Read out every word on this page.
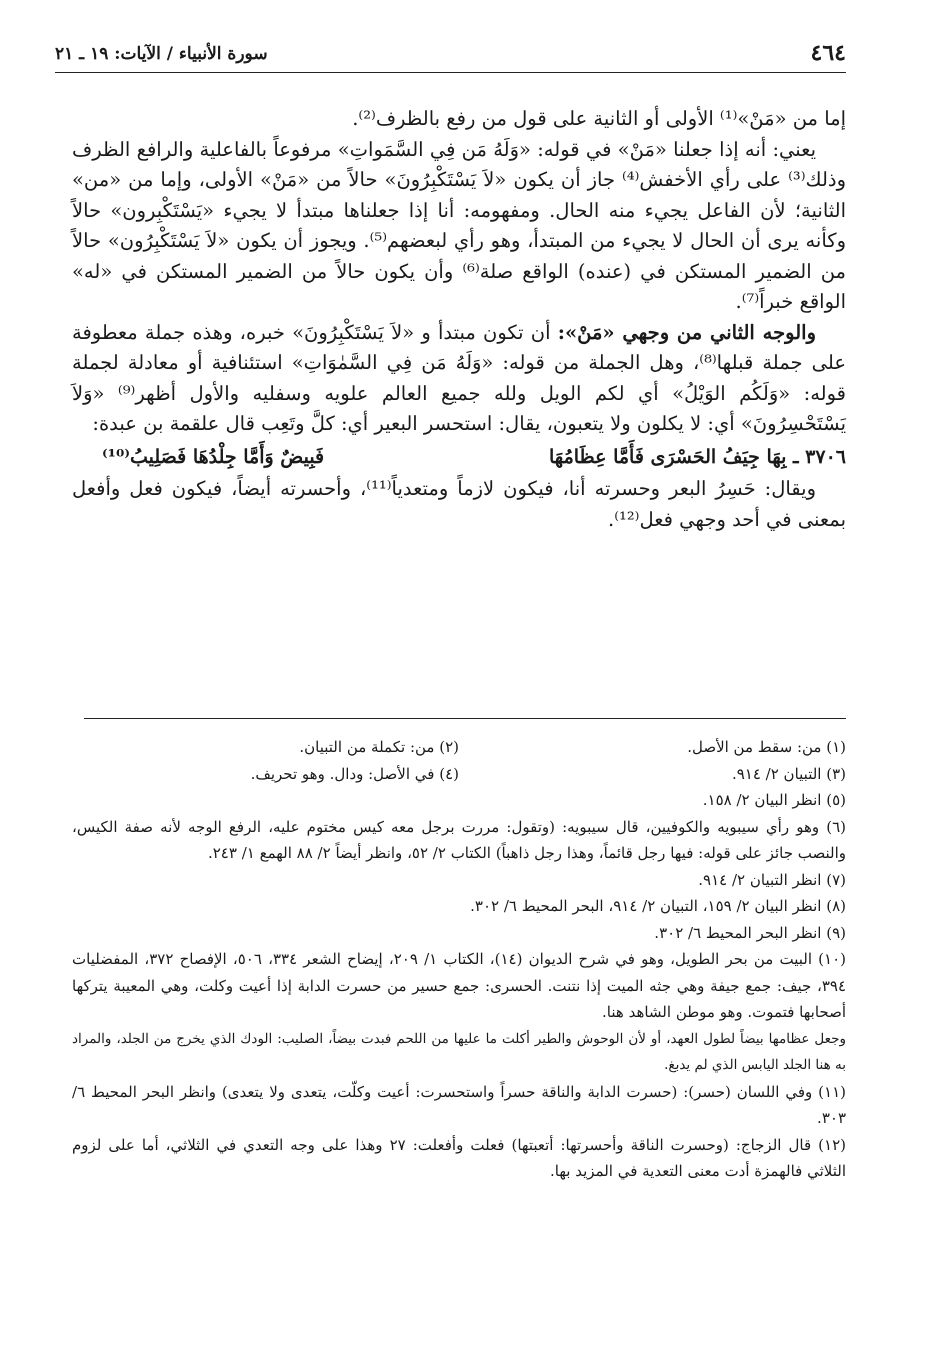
٤٦٤
سورة الأنبياء / الآيات: ١٩ ـ ٢١

إما من «مَنْ»⁽¹⁾ الأولى أو الثانية على قول من رفع بالظرف⁽²⁾.

يعني: أنه إذا جعلنا «مَنْ» في قوله: «وَلَهُ مَن فِي السَّمَواتِ» مرفوعاً بالفاعلية والرافع الظرف وذلك⁽³⁾ على رأي الأخفش⁽⁴⁾ جاز أن يكون «لاَ يَسْتَكْبِرُونَ» حالاً من «مَنْ» الأولى، وإما من «من» الثانية؛ لأن الفاعل يجيء منه الحال. ومفهومه: أنا إذا جعلناها مبتدأ لا يجيء «يَسْتَكْبِرون» حالاً وكأنه يرى أن الحال لا يجيء من المبتدأ، وهو رأي لبعضهم⁽⁵⁾. ويجوز أن يكون «لاَ يَسْتَكْبِرُون» حالاً من الضمير المستكن في (عنده) الواقع صلة⁽⁶⁾ وأن يكون حالاً من الضمير المستكن في «له» الواقع خبراً⁽⁷⁾.

والوجه الثاني من وجهي «مَنْ»: أن تكون مبتدأ و «لاَ يَسْتَكْبِرُونَ» خبره، وهذه جملة معطوفة على جملة قبلها⁽⁸⁾، وهل الجملة من قوله: «وَلَهُ مَن فِي السَّمٰوَاتِ» استئنافية أو معادلة لجملة قوله: «وَلَكُم الوَيْلُ» أي لكم الويل ولله جميع العالم علويه وسفليه والأول أظهر⁽⁹⁾ «وَلاَ يَسْتَحْسِرُونَ» أي: لا يكلون ولا يتعبون، يقال: استحسر البعير أي: كلَّ وتَعِب قال علقمة بن عبدة:

٣٧٠٦ ـ بِهَا جِيَفُ الحَسْرَى فَأَمَّا عِظَامُهَا
فَبِيضٌ وَأَمَّا جِلْدُهَا فَصَلِيبُ⁽¹⁰⁾

ويقال: حَسِرُ البعر وحسرته أنا، فيكون لازماً ومتعدياً⁽¹¹⁾، وأحسرته أيضاً، فيكون فعل وأفعل بمعنى في أحد وجهي فعل⁽¹²⁾.

(١) من: سقط من الأصل.
(٢) من: تكملة من التبيان.
(٣) التبيان ٢/ ٩١٤.
(٤) في الأصل: ودال. وهو تحريف.
(٥) انظر البيان ٢/ ١٥٨.
(٦) وهو رأي سيبويه والكوفيين، قال سيبويه: (وتقول: مررت برجل معه كيس مختوم عليه، الرفع الوجه لأنه صفة الكيس، والنصب جائز على قوله: فيها رجل قائماً، وهذا رجل ذاهباً) الكتاب ٢/ ٥٢، وانظر أيضاً ٢/ ٨٨ الهمع ١/ ٢٤٣.
(٧) انظر التبيان ٢/ ٩١٤.
(٨) انظر البيان ٢/ ١٥٩، التبيان ٢/ ٩١٤، البحر المحيط ٦/ ٣٠٢.
(٩) انظر البحر المحيط ٦/ ٣٠٢.
(١٠) البيت من بحر الطويل، وهو في شرح الديوان (١٤)، الكتاب ١/ ٢٠٩، إيضاح الشعر ٣٣٤، ٥٠٦، الإفصاح ٣٧٢، المفضليات ٣٩٤، جيف: جمع جيفة وهي جثه الميت إذا نتنت. الحسرى: جمع حسير من حسرت الدابة إذا أعيت وكلت، وهي المعيبة يتركها أصحابها فتموت. وهو موطن الشاهد هنا.
وجعل عظامها بيضاً لطول العهد، أو لأن الوحوش والطير أكلت ما عليها من اللحم فبدت بيضاً، الصليب: الودك الذي يخرج من الجلد، والمراد به هنا الجلد اليابس الذي لم يدبغ.
(١١) وفي اللسان (حسر): (حسرت الدابة والناقة حسراً واستحسرت: أعيت وكلّت، يتعدى ولا يتعدى) وانظر البحر المحيط ٦/ ٣٠٣.
(١٢) قال الزجاج: (وحسرت الناقة وأحسرتها: أتعبتها) فعلت وأفعلت: ٢٧ وهذا على وجه التعدي في الثلاثي، أما على لزوم الثلاثي فالهمزة أدت معنى التعدية في المزيد بها.
